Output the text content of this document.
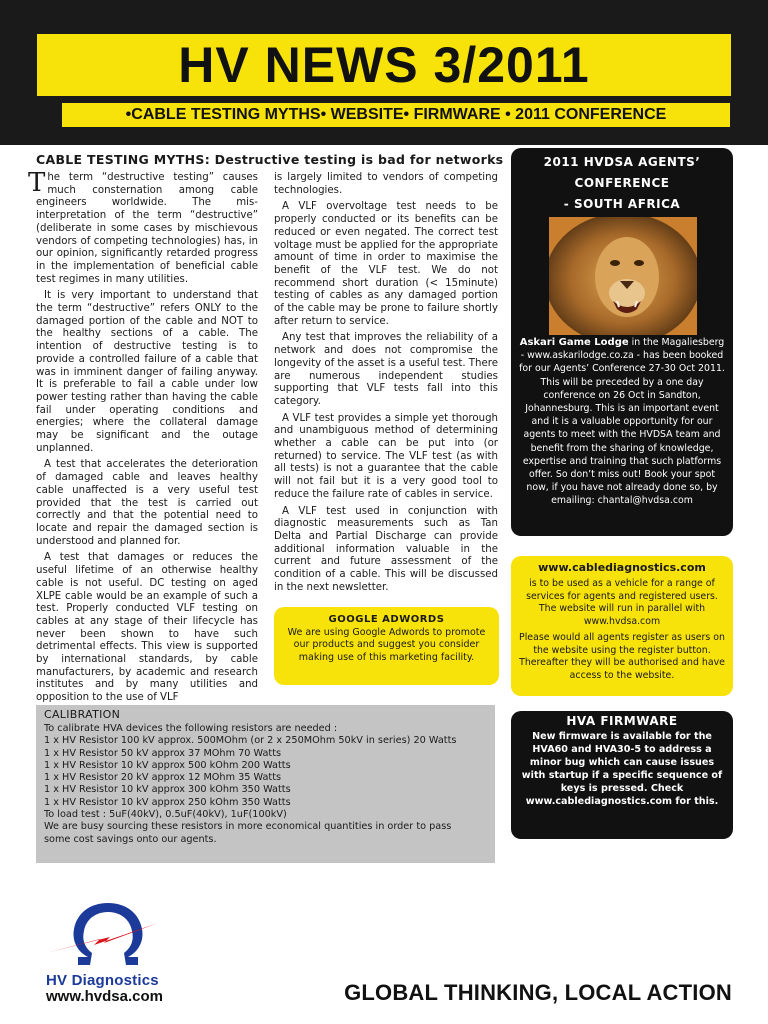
HV NEWS 3/2011
•CABLE TESTING MYTHS• WEBSITE• FIRMWARE • 2011 CONFERENCE
CABLE TESTING MYTHS: Destructive testing is bad for networks

The term “destructive testing” causes much consternation among cable engineers worldwide. The mis-interpretation of the term “destructive” (deliberate in some cases by mischievous vendors of competing technologies) has, in our opinion, significantly retarded progress in the implementation of beneficial cable test regimes in many utilities.

It is very important to understand that the term “destructive” refers ONLY to the damaged portion of the cable and NOT to the healthy sections of a cable. The intention of destructive testing is to provide a controlled failure of a cable that was in imminent danger of failing anyway. It is preferable to fail a cable under low power testing rather than having the cable fail under operating conditions and energies; where the collateral damage may be significant and the outage unplanned.

A test that accelerates the deterioration of damaged cable and leaves healthy cable unaffected is a very useful test provided that the test is carried out correctly and that the potential need to locate and repair the damaged section is understood and planned for.

A test that damages or reduces the useful lifetime of an otherwise healthy cable is not useful. DC testing on aged XLPE cable would be an example of such a test. Properly conducted VLF testing on cables at any stage of their lifecycle has never been shown to have such detrimental effects. This view is supported by international standards, by cable manufacturers, by academic and research institutes and by many utilities and opposition to the use of VLF

is largely limited to vendors of competing technologies.

A VLF overvoltage test needs to be properly conducted or its benefits can be reduced or even negated. The correct test voltage must be applied for the appropriate amount of time in order to maximise the benefit of the VLF test. We do not recommend short duration (< 15minute) testing of cables as any damaged portion of the cable may be prone to failure shortly after return to service.

Any test that improves the reliability of a network and does not compromise the longevity of the asset is a useful test. There are numerous independent studies supporting that VLF tests fall into this category.

A VLF test provides a simple yet thorough and unambiguous method of determining whether a cable can be put into (or returned) to service. The VLF test (as with all tests) is not a guarantee that the cable will not fail but it is a very good tool to reduce the failure rate of cables in service.

A VLF test used in conjunction with diagnostic measurements such as Tan Delta and Partial Discharge can provide additional information valuable in the current and future assessment of the condition of a cable. This will be discussed in the next newsletter.

2011 HVDSA AGENTS’
CONFERENCE
- SOUTH AFRICA
Askari Game Lodge in the Magaliesberg - www.askarilodge.co.za - has been booked for our Agents’ Conference 27-30 Oct 2011. This will be preceded by a one day conference on 26 Oct in Sandton, Johannesburg. This is an important event and it is a valuable opportunity for our agents to meet with the HVDSA team and benefit from the sharing of knowledge, expertise and training that such platforms offer. So don’t miss out! Book your spot now, if you have not already done so, by emailing: chantal@hvdsa.com
GOOGLE ADWORDS
We are using Google Adwords to promote our products and suggest you consider making use of this marketing facility.
www.cablediagnostics.com

is to be used as a vehicle for a range of services for agents and registered users. The website will run in parallel with www.hvdsa.com

Please would all agents register as users on the website using the register button. Thereafter they will be authorised and have access to the website.

CALIBRATION
To calibrate HVA devices the following resistors are needed :
1 x HV Resistor 100 kV approx. 500MOhm (or 2 x 250MOhm 50kV in series) 20 Watts
1 x HV Resistor 50 kV approx 37 MOhm 70 Watts
1 x HV Resistor 10 kV approx 500 kOhm 200 Watts
1 x HV Resistor 20 kV approx 12 MOhm 35 Watts
1 x HV Resistor 10 kV approx 300 kOhm 350 Watts
1 x HV Resistor 10 kV approx 250 kOhm 350 Watts
To load test : 5uF(40kV), 0.5uF(40kV), 1uF(100kV)
We are busy sourcing these resistors in more economical quantities in order to pass
some cost savings onto our agents.
HVA FIRMWARE
New firmware is available for the HVA60 and HVA30-5 to address a minor bug which can cause issues with startup if a specific sequence of keys is pressed. Check www.cablediagnostics.com for this.
HV Diagnostics
www.hvdsa.com	GLOBAL THINKING, LOCAL ACTION
